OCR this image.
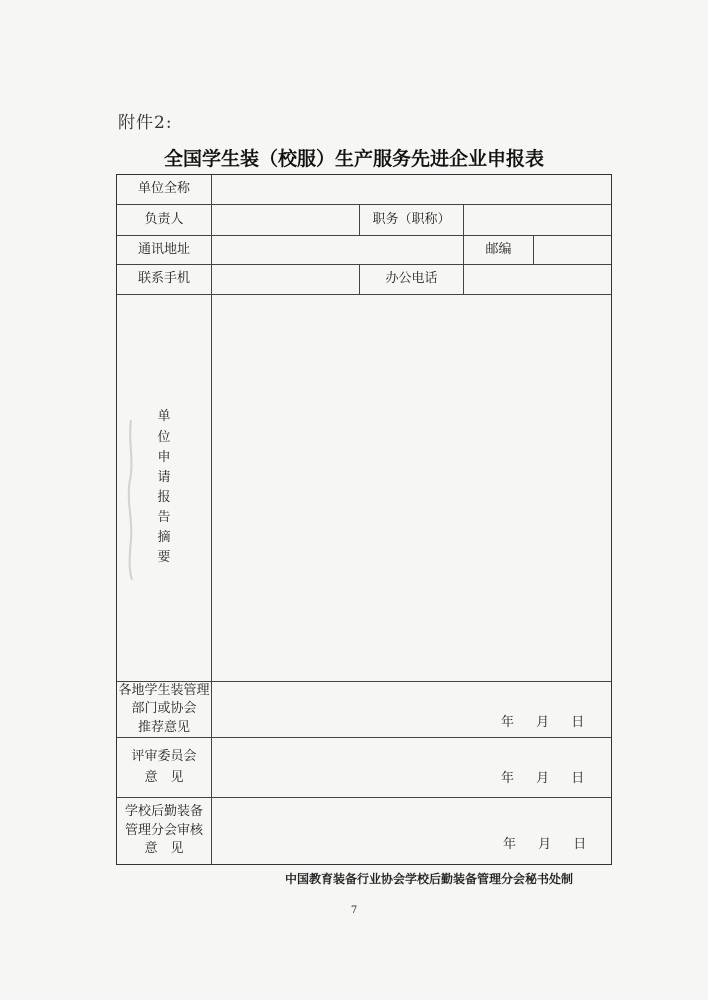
附件2:
全国学生装（校服）生产服务先进企业申报表
单位全称
负责人	职务（职称）
通讯地址	邮编
联系手机	办公电话
单
位
申
请
报
告
摘
要
各地学生装管理
部门或协会
推荐意见	年 月 日
评审委员会
意　见	年 月 日
学校后勤装备
管理分会审核
意　见	年 月 日
中国教育装备行业协会学校后勤装备管理分会秘书处制
7
